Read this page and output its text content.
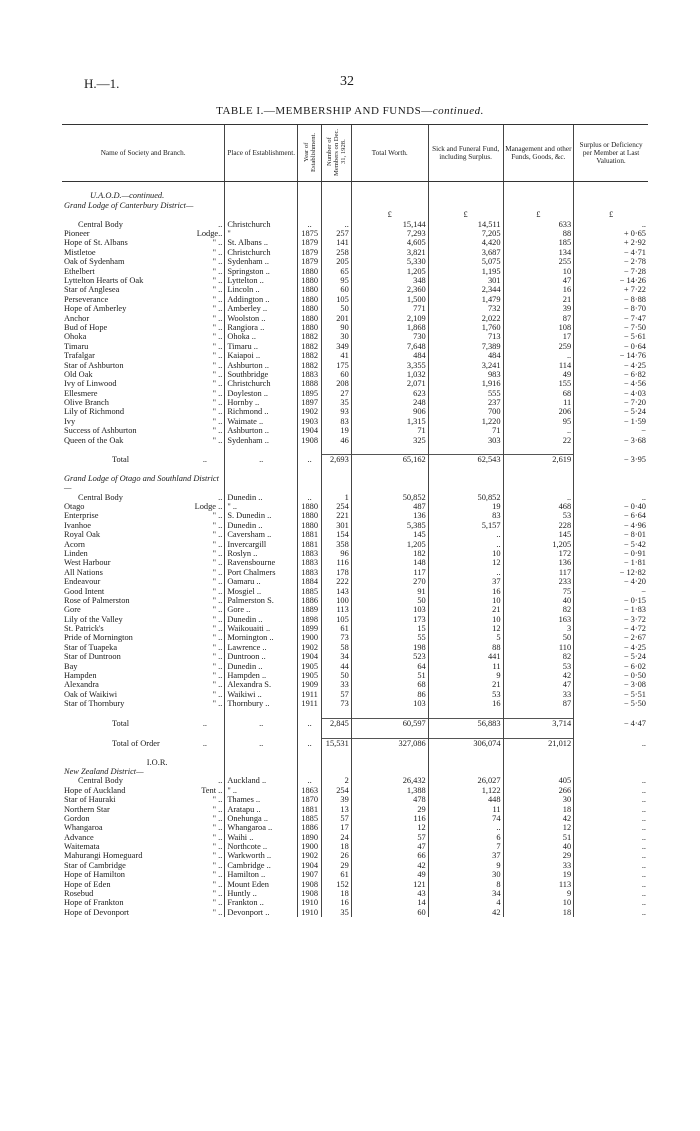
H.—1.	32
TABLE I.—MEMBERSHIP AND FUNDS—continued.
Name of Society and Branch.	Place of Establishment.	Year of Establishment.	Number of Members on Dec. 31, 1928.	Total Worth.	Sick and Funeral Fund, including Surplus.	Management and other Funds, Goods, &c.	Surplus or Deficiency per Member at Last Valuation.

U.A.O.D.—continued.							
Grand Lodge of Canterbury District—							
				£	£	£	£

Central Body ..	Christchurch	..	..	15,144	14,511	633	..

Pioneer Lodge..	"	1875	257	7,293	7,205	88	+ 0·65

Hope of St. Albans " ..	St. Albans ..	1879	141	4,605	4,420	185	+ 2·92

Mistletoe " ..	Christchurch	1879	258	3,821	3,687	134	− 4·71

Oak of Sydenham " ..	Sydenham ..	1879	205	5,330	5,075	255	− 2·78

Ethelbert " ..	Springston ..	1880	65	1,205	1,195	10	− 7·28

Lyttelton Hearts of Oak " ..	Lyttelton ..	1880	95	348	301	47	− 14·26

Star of Anglesea " ..	Lincoln ..	1880	60	2,360	2,344	16	+ 7·22

Perseverance " ..	Addington ..	1880	105	1,500	1,479	21	− 8·88

Hope of Amberley " ..	Amberley ..	1880	50	771	732	39	− 8·70

Anchor " ..	Woolston ..	1880	201	2,109	2,022	87	− 7·47

Bud of Hope " ..	Rangiora ..	1880	90	1,868	1,760	108	− 7·50

Ohoka " ..	Ohoka ..	1882	30	730	713	17	− 5·61

Timaru " ..	Timaru ..	1882	349	7,648	7,389	259	− 0·64

Trafalgar " ..	Kaiapoi ..	1882	41	484	484	..	− 14·76

Star of Ashburton " ..	Ashburton ..	1882	175	3,355	3,241	114	− 4·25

Old Oak " ..	Southbridge	1883	60	1,032	983	49	− 6·82

Ivy of Linwood " ..	Christchurch	1888	208	2,071	1,916	155	− 4·56

Ellesmere " ..	Doyleston ..	1895	27	623	555	68	− 4·03

Olive Branch " ..	Hornby ..	1897	35	248	237	11	− 7·20

Lily of Richmond " ..	Richmond ..	1902	93	906	700	206	− 5·24

Ivy " ..	Waimate ..	1903	83	1,315	1,220	95	− 1·59

Success of Ashburton " ..	Ashburton ..	1904	19	71	71	..	−

Queen of the Oak " ..	Sydenham ..	1908	46	325	303	22	− 3·68

Total ..	..	..	2,693	65,162	62,543	2,619	− 3·95

Grand Lodge of Otago and Southland District—							

Central Body ..	Dunedin ..	..	1	50,852	50,852	..	..

Otago Lodge ..	" ..	1880	254	487	19	468	− 0·40

Enterprise " ..	S. Dunedin ..	1880	221	136	83	53	− 6·64

Ivanhoe " ..	Dunedin ..	1880	301	5,385	5,157	228	− 4·96

Royal Oak " ..	Caversham ..	1881	154	145	..	145	− 8·01

Acorn " ..	Invercargill	1881	358	1,205	..	1,205	− 5·42

Linden " ..	Roslyn ..	1883	96	182	10	172	− 0·91

West Harbour " ..	Ravensbourne	1883	116	148	12	136	− 1·81

All Nations " ..	Port Chalmers	1883	178	117	..	117	− 12·82

Endeavour " ..	Oamaru ..	1884	222	270	37	233	− 4·20

Good Intent " ..	Mosgiel ..	1885	143	91	16	75	−

Rose of Palmerston " ..	Palmerston S.	1886	100	50	10	40	− 0·15

Gore " ..	Gore ..	1889	113	103	21	82	− 1·83

Lily of the Valley " ..	Dunedin ..	1898	105	173	10	163	− 3·72

St. Patrick's " ..	Waikouaiti ..	1899	61	15	12	3	− 4·72

Pride of Mornington " ..	Mornington ..	1900	73	55	5	50	− 2·67

Star of Tuapeka " ..	Lawrence ..	1902	58	198	88	110	− 4·25

Star of Duntroon " ..	Duntroon ..	1904	34	523	441	82	− 5·24

Bay " ..	Dunedin ..	1905	44	64	11	53	− 6·02

Hampden " ..	Hampden ..	1905	50	51	9	42	− 0·50

Alexandra " ..	Alexandra S.	1909	33	68	21	47	− 3·08

Oak of Waikiwi " ..	Waikiwi ..	1911	57	86	53	33	− 5·51

Star of Thornbury " ..	Thornbury ..	1911	73	103	16	87	− 5·50

Total ..	..	..	2,845	60,597	56,883	3,714	− 4·47

Total of Order ..	..	..	15,531	327,086	306,074	21,012	..

I.O.R.							
New Zealand District—							

Central Body ..	Auckland ..	..	2	26,432	26,027	405	..

Hope of Auckland Tent ..	" ..	1863	254	1,388	1,122	266	..

Star of Hauraki " ..	Thames ..	1870	39	478	448	30	..

Northern Star " ..	Aratapu ..	1881	13	29	11	18	..

Gordon " ..	Onehunga ..	1885	57	116	74	42	..

Whangaroa " ..	Whangaroa ..	1886	17	12	..	12	..

Advance " ..	Waihi ..	1890	24	57	6	51	..

Waitemata " ..	Northcote ..	1900	18	47	7	40	..

Mahurangi Homeguard " ..	Warkworth ..	1902	26	66	37	29	..

Star of Cambridge " ..	Cambridge ..	1904	29	42	9	33	..

Hope of Hamilton " ..	Hamilton ..	1907	61	49	30	19	..

Hope of Eden " ..	Mount Eden	1908	152	121	8	113	..

Rosebud " ..	Huntly ..	1908	18	43	34	9	..

Hope of Frankton " ..	Frankton ..	1910	16	14	4	10	..

Hope of Devonport " ..	Devonport ..	1910	35	60	42	18	..
